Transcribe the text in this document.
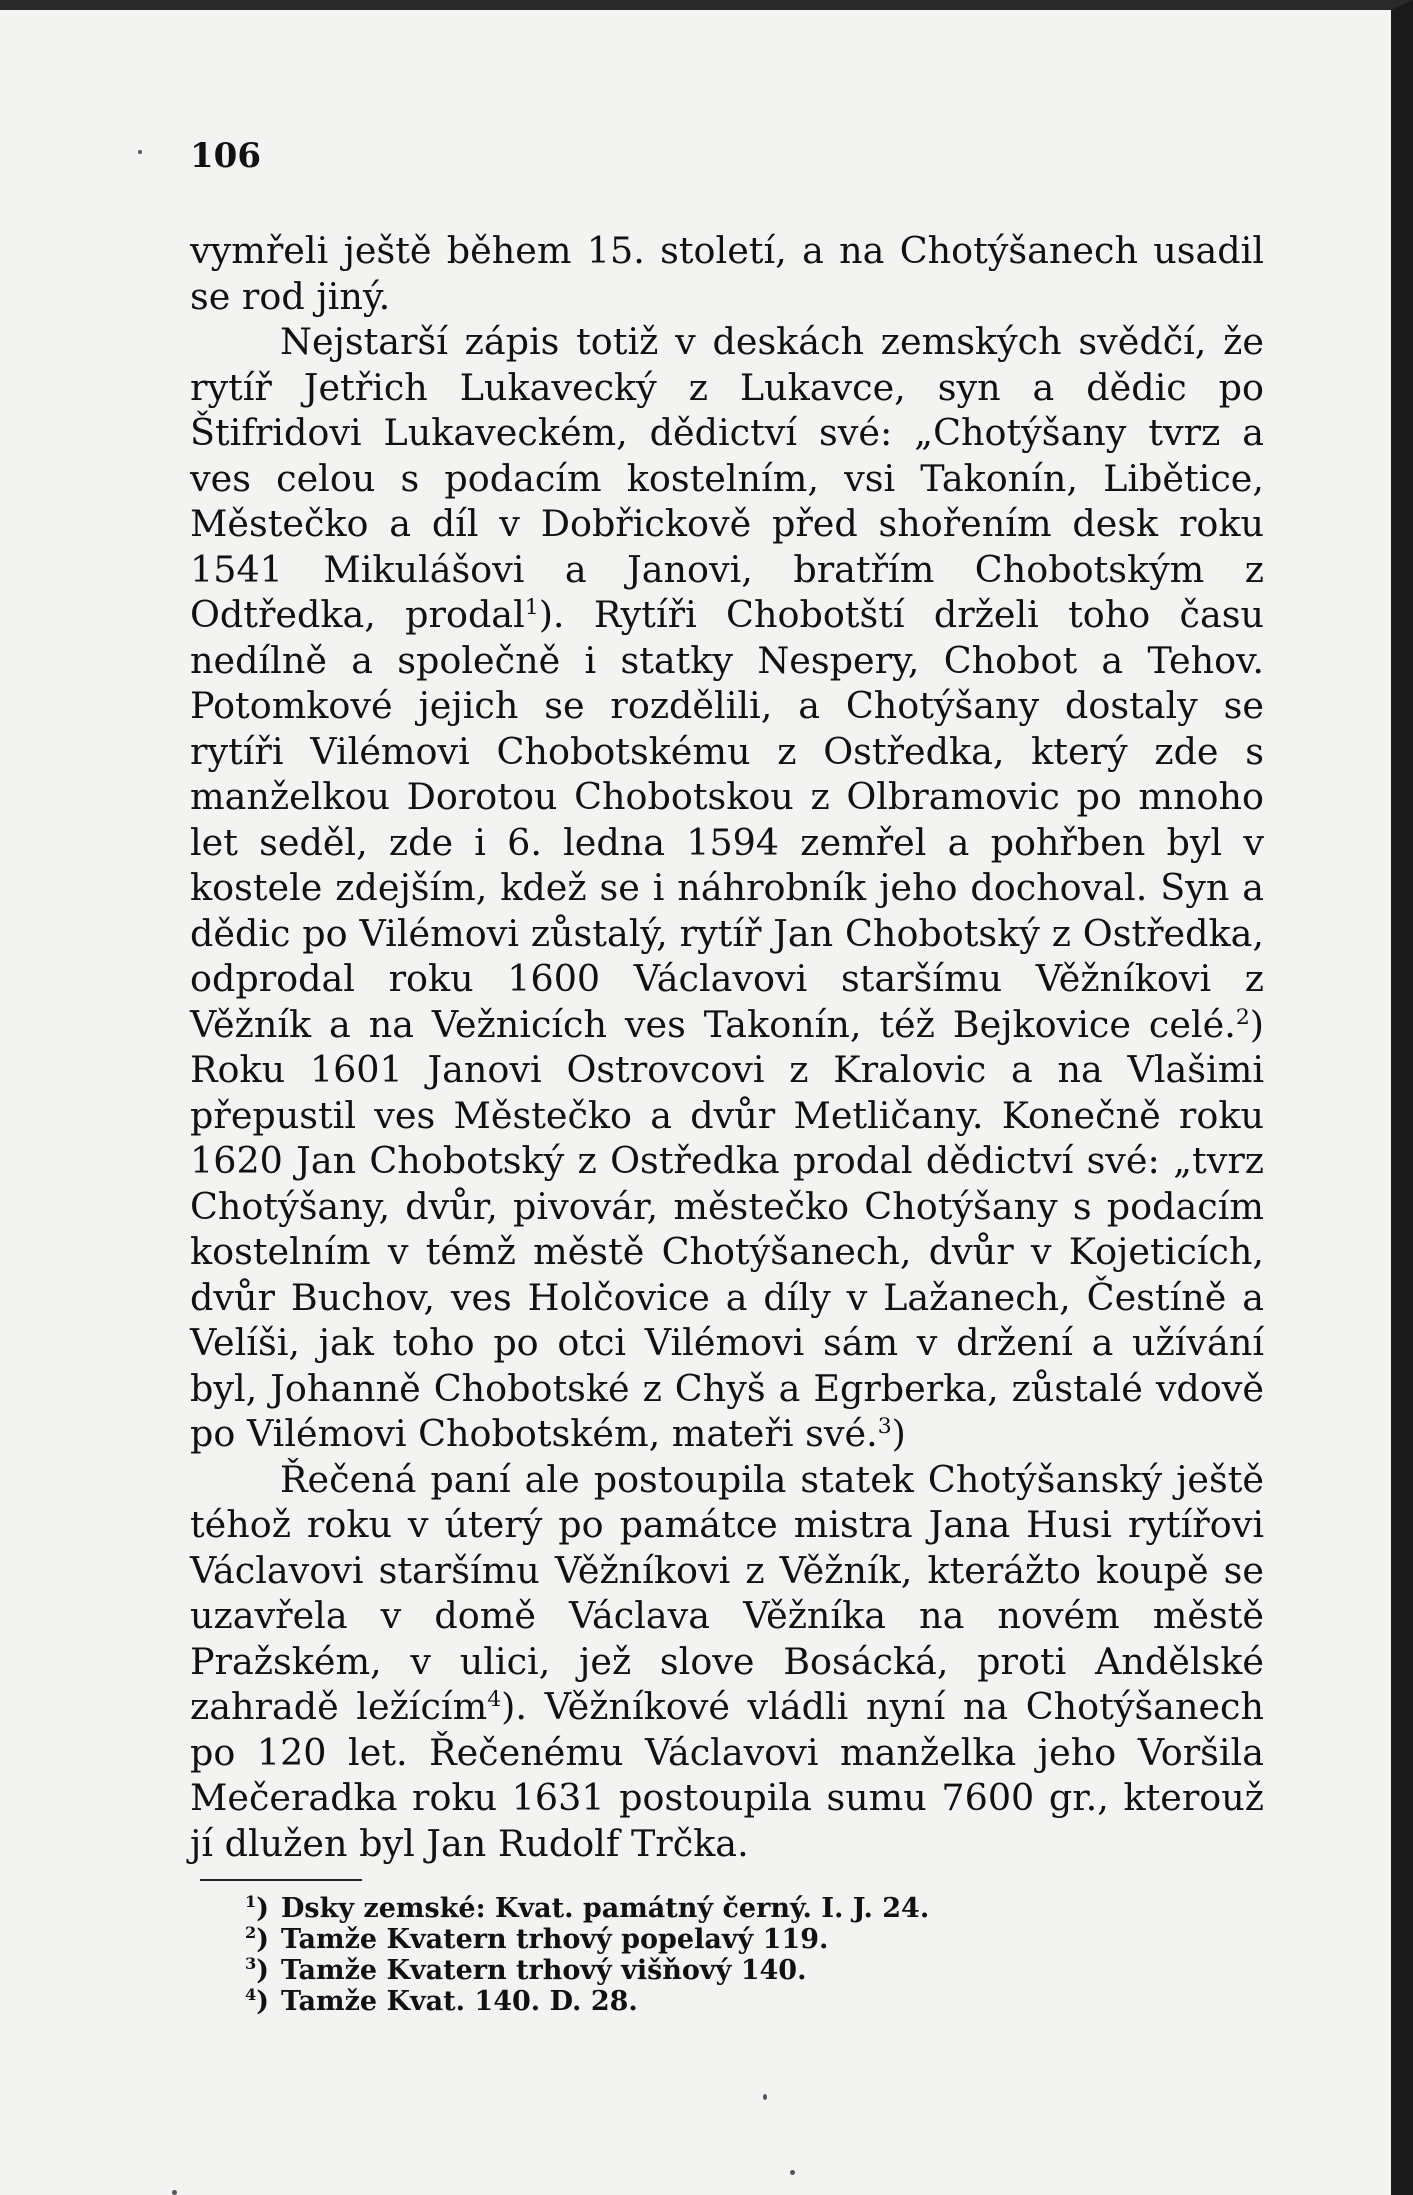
106

vymřeli ještě během 15. století, a na Chotýšanech usadil se rod jiný.

Nejstarší zápis totiž v deskách zemských svědčí, že rytíř Jetřich Lukavecký z Lukavce, syn a dědic po Štifridovi Lukaveckém, dědictví své: „Chotýšany tvrz a ves celou s podacím kostelním, vsi Takonín, Libětice, Městečko a díl v Dobřickově před shořením desk roku 1541 Mikulášovi a Janovi, bratřím Chobotským z Odtředka, prodal$^1$). Rytíři Chobotští drželi toho času nedílně a společně i statky Nespery, Chobot a Tehov. Potomkové jejich se rozdělili, a Chotýšany dostaly se rytíři Vilémovi Chobotskému z Ostředka, který zde s manželkou Dorotou Chobotskou z Olbramovic po mnoho let seděl, zde i 6. ledna 1594 zemřel a pohřben byl v kostele zdejším, kdež se i náhrobník jeho dochoval. Syn a dědic po Vilémovi zůstalý, rytíř Jan Chobotský z Ostředka, odprodal roku 1600 Václavovi staršímu Věžníkovi z Věžník a na Vežnicích ves Takonín, též Bejkovice celé.$^2$) Roku 1601 Janovi Ostrovcovi z Kralovic a na Vlašimi přepustil ves Městečko a dvůr Metličany. Konečně roku 1620 Jan Chobotský z Ostředka prodal dědictví své: „tvrz Chotýšany, dvůr, pivovár, městečko Chotýšany s podacím kostelním v témž městě Chotýšanech, dvůr v Kojeticích, dvůr Buchov, ves Holčovice a díly v Lažanech, Čestíně a Velíši, jak toho po otci Vilémovi sám v držení a užívání byl, Johanně Chobotské z Chyš a Egrberka, zůstalé vdově po Vilémovi Chobotském, mateři své.$^3$)

Řečená paní ale postoupila statek Chotýšanský ještě téhož roku v úterý po památce mistra Jana Husi rytířovi Václavovi staršímu Věžníkovi z Věžník, kterážto koupě se uzavřela v domě Václava Věžníka na novém městě Pražském, v ulici, jež slove Bosácká, proti Andělské zahradě ležícím$^4$). Věžníkové vládli nyní na Chotýšanech po 120 let. Řečenému Václavovi manželka jeho Voršila Mečeradka roku 1631 postoupila sumu 7600 gr., kterouž jí dlužen byl Jan Rudolf Trčka.

$^1$) Dsky zemské: Kvat. památný černý. I. J. 24.
$^2$) Tamže Kvatern trhový popelavý 119.
$^3$) Tamže Kvatern trhový višňový 140.
$^4$) Tamže Kvat. 140. D. 28.
